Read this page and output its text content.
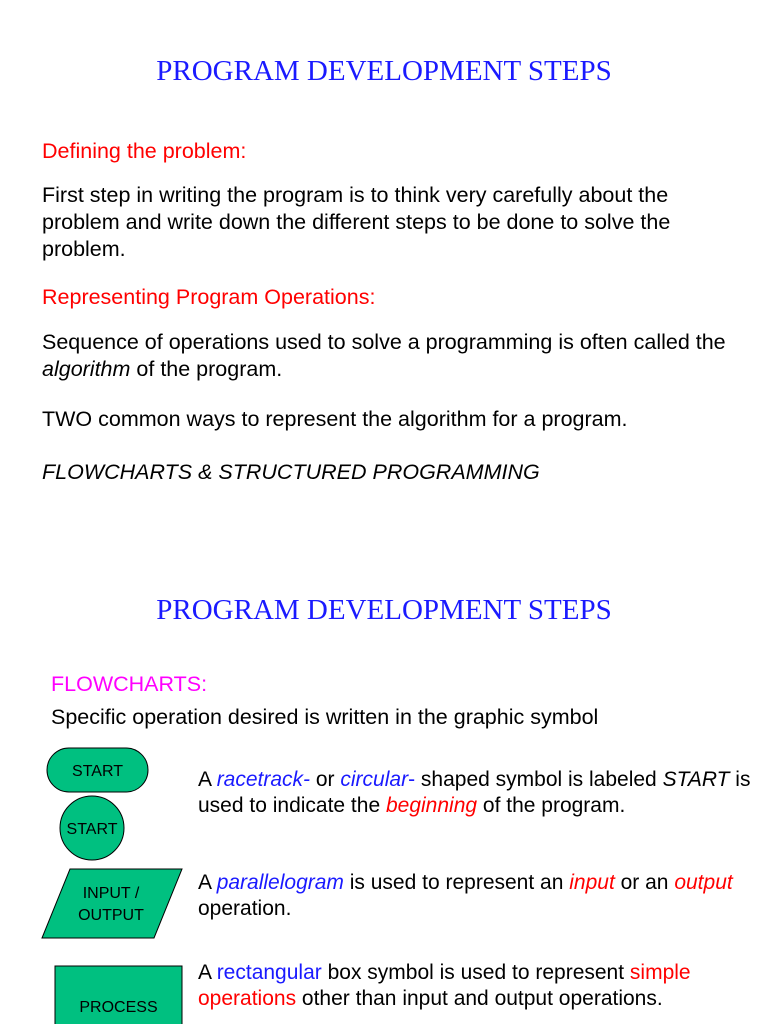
PROGRAM DEVELOPMENT STEPS

Defining the problem:

First step in writing the program is to think very carefully about the problem and write down the different steps to be done to solve the problem.

Representing Program Operations:

Sequence of operations used to solve a programming is often called the algorithm of the program.

TWO common ways to represent the algorithm for a program.

FLOWCHARTS & STRUCTURED PROGRAMMING

PROGRAM DEVELOPMENT STEPS

FLOWCHARTS:

Specific operation desired is written in the graphic symbol

START
START
INPUT /
OUTPUT
PROCESS

A racetrack- or circular- shaped symbol is labeled START is used to indicate the beginning of the program.

A parallelogram is used to represent an input or an output operation.

A rectangular box symbol is used to represent simple operations other than input and output operations.
